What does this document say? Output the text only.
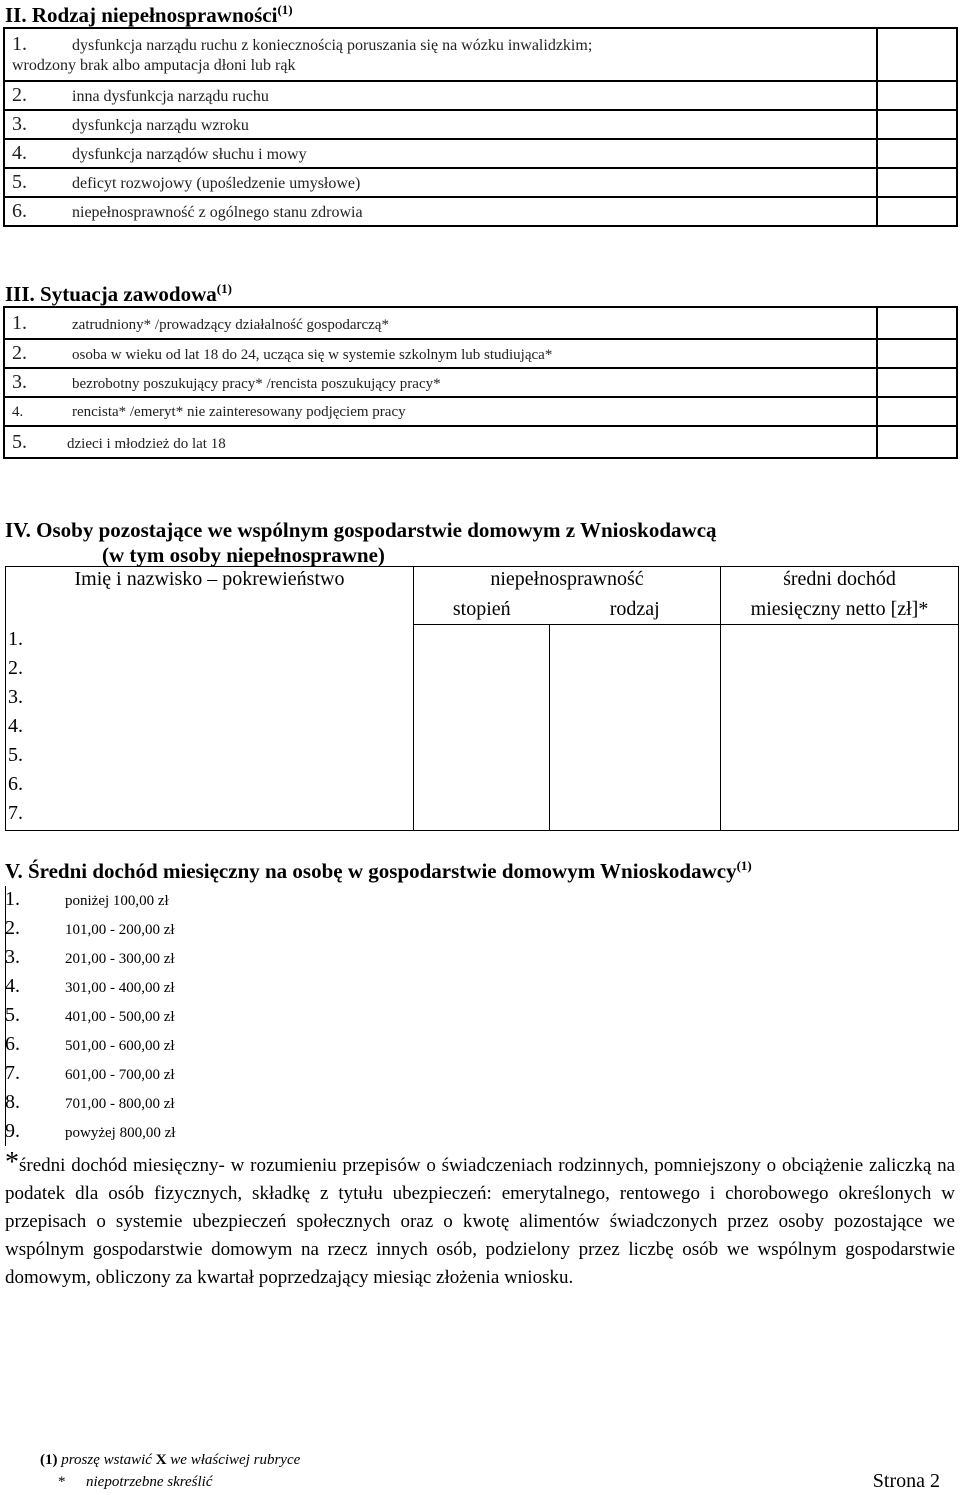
II. Rodzaj niepełnosprawności$^{(1)}$
1. dysfunkcja narządu ruchu z koniecznością poruszania się na wózku inwalidzkim;
wrodzony brak albo amputacja dłoni lub rąk	
2. inna dysfunkcja narządu ruchu	
3. dysfunkcja narządu wzroku	
4. dysfunkcja narządów słuchu i mowy	
5. deficyt rozwojowy (upośledzenie umysłowe)	
6. niepełnosprawność z ogólnego stanu zdrowia	
III. Sytuacja zawodowa$^{(1)}$
1. zatrudniony* /prowadzący działalność gospodarczą*	
2. osoba w wieku od lat 18 do 24, ucząca się w systemie szkolnym lub studiująca*	
3. bezrobotny poszukujący pracy* /rencista poszukujący pracy*	
4. rencista* /emeryt* nie zainteresowany podjęciem pracy	
5. dzieci i młodzież do lat 18	
IV. Osoby pozostające we wspólnym gospodarstwie domowym z Wnioskodawcą
(w tym osoby niepełnosprawne)
Imię i nazwisko – pokrewieństwo	niepełnosprawność		średni dochód
	stopień	rodzaj	miesięczny netto [zł]*
1.			
2.			
3.			
4.			
5.			
6.			
7.			
V. Średni dochód miesięczny na osobę w gospodarstwie domowym Wnioskodawcy$^{(1)}$
1.	poniżej 100,00 zł
2.	101,00 - 200,00 zł
3.	201,00 - 300,00 zł
4.	301,00 - 400,00 zł
5.	401,00 - 500,00 zł
6.	501,00 - 600,00 zł
7.	601,00 - 700,00 zł
8.	701,00 - 800,00 zł
9.	powyżej 800,00 zł
*średni dochód miesięczny- w rozumieniu przepisów o świadczeniach rodzinnych, pomniejszony o obciążenie zaliczką na podatek dla osób fizycznych, składkę z tytułu ubezpieczeń: emerytalnego, rentowego i chorobowego określonych w przepisach o systemie ubezpieczeń społecznych oraz o kwotę alimentów świadczonych przez osoby pozostające we wspólnym gospodarstwie domowym na rzecz innych osób, podzielony przez liczbę osób we wspólnym gospodarstwie domowym, obliczony za kwartał poprzedzający miesiąc złożenia wniosku.
(1) proszę wstawić X we właściwej rubryce
* niepotrzebne skreślić	Strona 2
